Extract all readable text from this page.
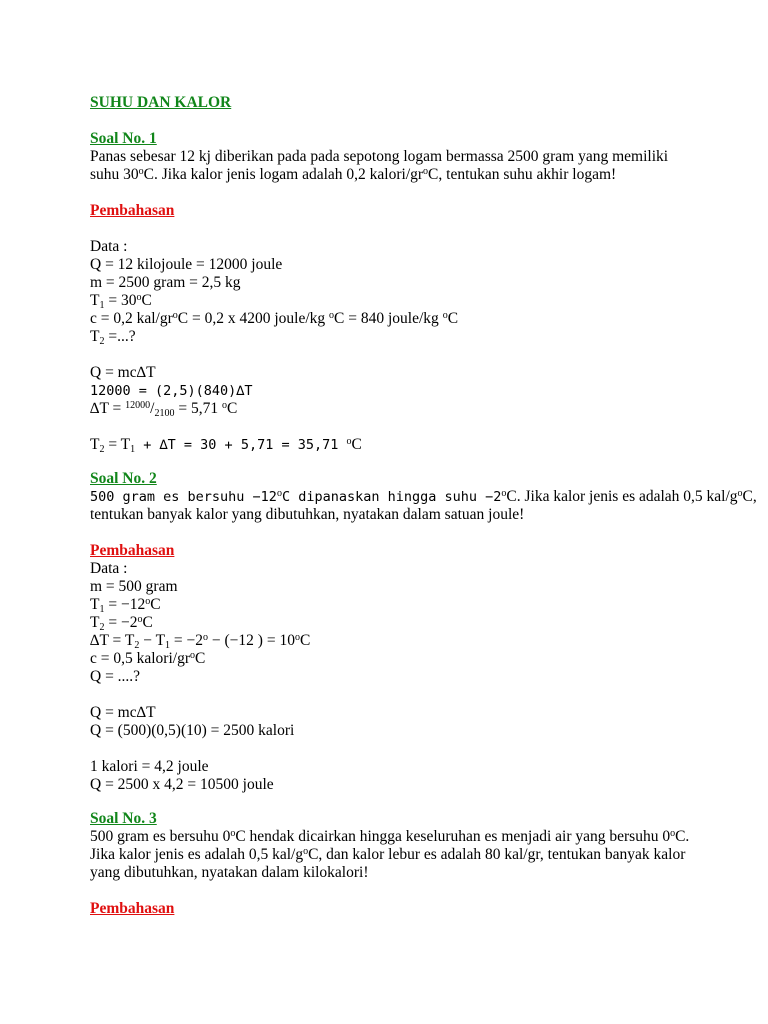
SUHU DAN KALOR

Soal No. 1

Panas sebesar 12 kj diberikan pada pada sepotong logam bermassa 2500 gram yang memiliki

suhu 30$^o$C. Jika kalor jenis logam adalah 0,2 kalori/$gr^oC$, tentukan suhu akhir logam!

Pembahasan

Data :

Q = 12 kilojoule = 12000 joule

m = 2500 gram = 2,5 kg

$T_1 = 30^oC$

c = 0,2 kal/$gr^oC = 0,2$ x 4200 joule/kg $^o$C = 840 joule/kg $^o$C

$T_2$ =...?

Q = mc∆T

12000 = (2,5)(840)∆T

$\Delta T = ^{12000}/_{2100} = 5,71$ $^o$C

$T_2 = T_1 + \Delta T = 30 + 5,71 = 35,71$ $^o$C

Soal No. 2

500 gram es bersuhu $-12^oC$ dipanaskan hingga suhu $-2^oC$. Jika kalor jenis es adalah 0,5 kal/$g^oC$,

tentukan banyak kalor yang dibutuhkan, nyatakan dalam satuan joule!

Pembahasan

Data :

m = 500 gram

$T_1 = -12^oC$

$T_2 = -2^oC$

$\Delta T = T_2 - T_1 = -2^o - (-12$ ) = $10^oC$

c = 0,5 kalori/$gr^oC$

Q = ....?

Q = mc∆T

Q = (500)(0,5)(10) = 2500 kalori

1 kalori = 4,2 joule

Q = 2500 x 4,2 = 10500 joule

Soal No. 3

500 gram es bersuhu 0$^o$C hendak dicairkan hingga keseluruhan es menjadi air yang bersuhu 0$^o$C.

Jika kalor jenis es adalah 0,5 kal/$g^oC$, dan kalor lebur es adalah 80 kal/gr, tentukan banyak kalor

yang dibutuhkan, nyatakan dalam kilokalori!

Pembahasan
